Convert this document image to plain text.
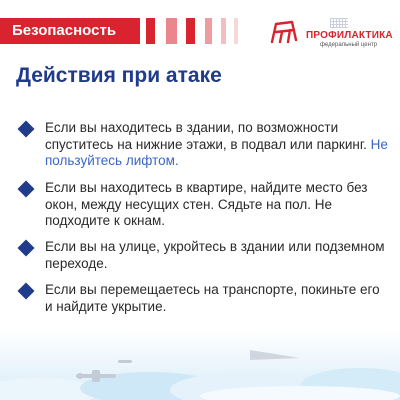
Безопасность	ПРОФИЛАКТИКА
федеральный центр
Действия при атаке
Если вы находитесь в здании, по возможности спуститесь на нижние этажи, в подвал или паркинг. Не пользуйтесь лифтом.
Если вы находитесь в квартире, найдите место без окон, между несущих стен. Сядьте на пол. Не подходите к окнам.
Если вы на улице, укройтесь в здании или подземном переходе.
Если вы перемещаетесь на транспорте, покиньте его и найдите укрытие.
